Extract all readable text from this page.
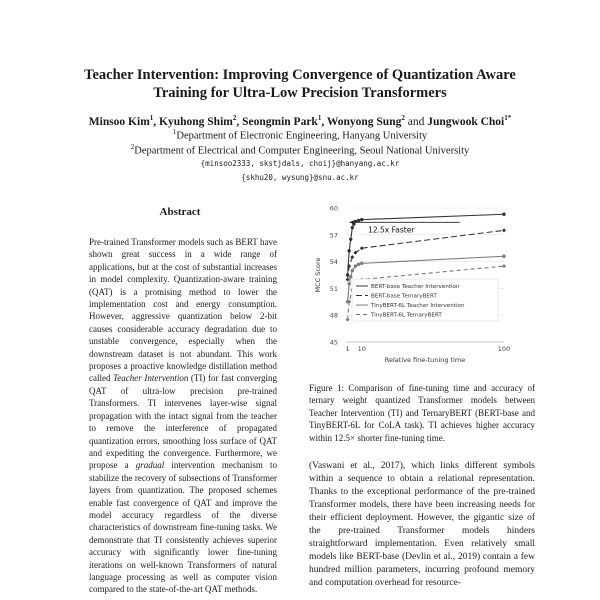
Teacher Intervention: Improving Convergence of Quantization Aware
Training for Ultra-Low Precision Transformers
Minsoo Kim$^1$, Kyuhong Shim$^2$, Seongmin Park$^1$, Wonyong Sung$^2$ and Jungwook Choi$^{1*}$
$^1$Department of Electronic Engineering, Hanyang University
$^2$Department of Electrical and Computer Engineering, Seoul National University
{minsoo2333, skstjdals, choij}@hanyang.ac.kr
{skhu20, wysung}@snu.ac.kr
Abstract

Pre-trained Transformer models such as BERT have shown great success in a wide range of applications, but at the cost of substantial increases in model complexity. Quantization-aware training (QAT) is a promising method to lower the implementation cost and energy consumption. However, aggressive quantization below 2-bit causes considerable accuracy degradation due to unstable convergence, especially when the downstream dataset is not abundant. This work proposes a proactive knowledge distillation method called Teacher Intervention (TI) for fast converging QAT of ultra-low precision pre-trained Transformers. TI intervenes layer-wise signal propagation with the intact signal from the teacher to remove the interference of propagated quantization errors, smoothing loss surface of QAT and expediting the convergence. Furthermore, we propose a gradual intervention mechanism to stabilize the recovery of subsections of Transformer layers from quantization. The proposed schemes enable fast convergence of QAT and improve the model accuracy regardless of the diverse characteristics of downstream fine-tuning tasks. We demonstrate that TI consistently achieves superior accuracy with significantly lower fine-tuning iterations on well-known Transformers of natural language processing as well as computer vision compared to the state-of-the-art QAT methods.

45
48
51
54
57
60
1 10	100
Relative fine-tuning time
MCC Score
12.5x Faster
BERT-base Teacher Intervention
BERT-base TernaryBERT
TinyBERT-6L Teacher Intervention
TinyBERT-6L TernaryBERT

Figure 1: Comparison of fine-tuning time and accuracy of ternary weight quantized Transformer models between Teacher Intervention (TI) and TernaryBERT (BERT-base and TinyBERT-6L for CoLA task). TI achieves higher accuracy within 12.5× shorter fine-tuning time.

(Vaswani et al., 2017), which links different symbols within a sequence to obtain a relational representation. Thanks to the exceptional performance of the pre-trained Transformer models, there have been increasing needs for their efficient deployment. However, the gigantic size of the pre-trained Transformer models hinders straightforward implementation. Even relatively small models like BERT-base (Devlin et al., 2019) contain a few hundred million parameters, incurring profound memory and computation overhead for resource-
